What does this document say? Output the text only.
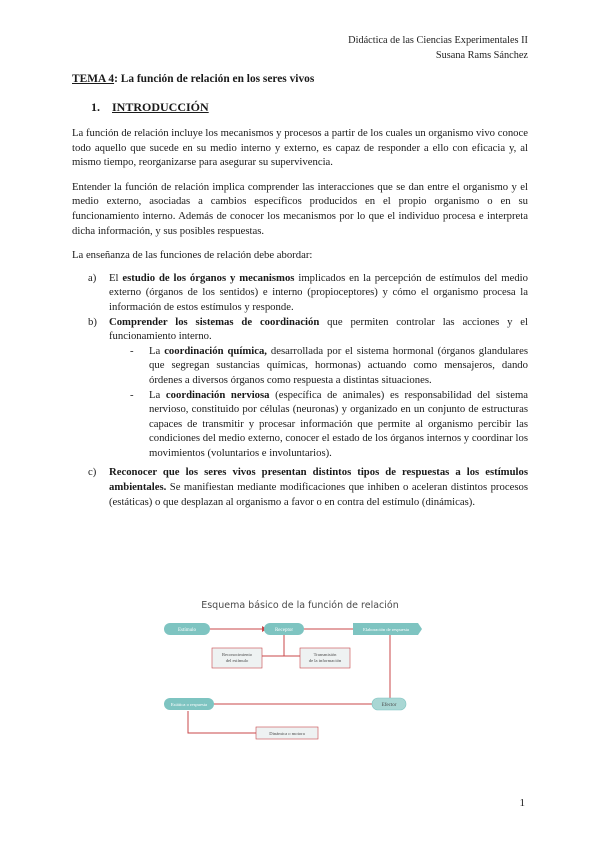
Didáctica de las Ciencias Experimentales II
Susana Rams Sánchez
TEMA 4: La función de relación en los seres vivos
1. INTRODUCCIÓN

La función de relación incluye los mecanismos y procesos a partir de los cuales un organismo vivo conoce todo aquello que sucede en su medio interno y externo, es capaz de responder a ello con eficacia y, al mismo tiempo, reorganizarse para asegurar su supervivencia.

Entender la función de relación implica comprender las interacciones que se dan entre el organismo y el medio externo, asociadas a cambios específicos producidos en el propio organismo o en su funcionamiento interno. Además de conocer los mecanismos por lo que el individuo procesa e interpreta dicha información, y sus posibles respuestas.

La enseñanza de las funciones de relación debe abordar:

a) El estudio de los órganos y mecanismos implicados en la percepción de estímulos del medio externo (órganos de los sentidos) e interno (propioceptores) y cómo el organismo procesa la información de estos estímulos y responde.
b) Comprender los sistemas de coordinación que permiten controlar las acciones y el funcionamiento interno.
- La coordinación química, desarrollada por el sistema hormonal (órganos glandulares que segregan sustancias químicas, hormonas) actuando como mensajeros, dando órdenes a diversos órganos como respuesta a distintas situaciones.
- La coordinación nerviosa (específica de animales) es responsabilidad del sistema nervioso, constituido por células (neuronas) y organizado en un conjunto de estructuras capaces de transmitir y procesar información que permite al organismo percibir las condiciones del medio externo, conocer el estado de los órganos internos y coordinar los movimientos (voluntarios e involuntarios).
c) Reconocer que los seres vivos presentan distintos tipos de respuestas a los estímulos ambientales. Se manifiestan mediante modificaciones que inhiben o aceleran distintos procesos (estáticas) o que desplazan al organismo a favor o en contra del estímulo (dinámicas).
Esquema básico de la función de relación
Estímulo	Receptor	Elaboración de respuesta
Reconocimiento del estímulo
Transmisión de la información
Efector
Estática o respuesta
Dinámica o motora
1
